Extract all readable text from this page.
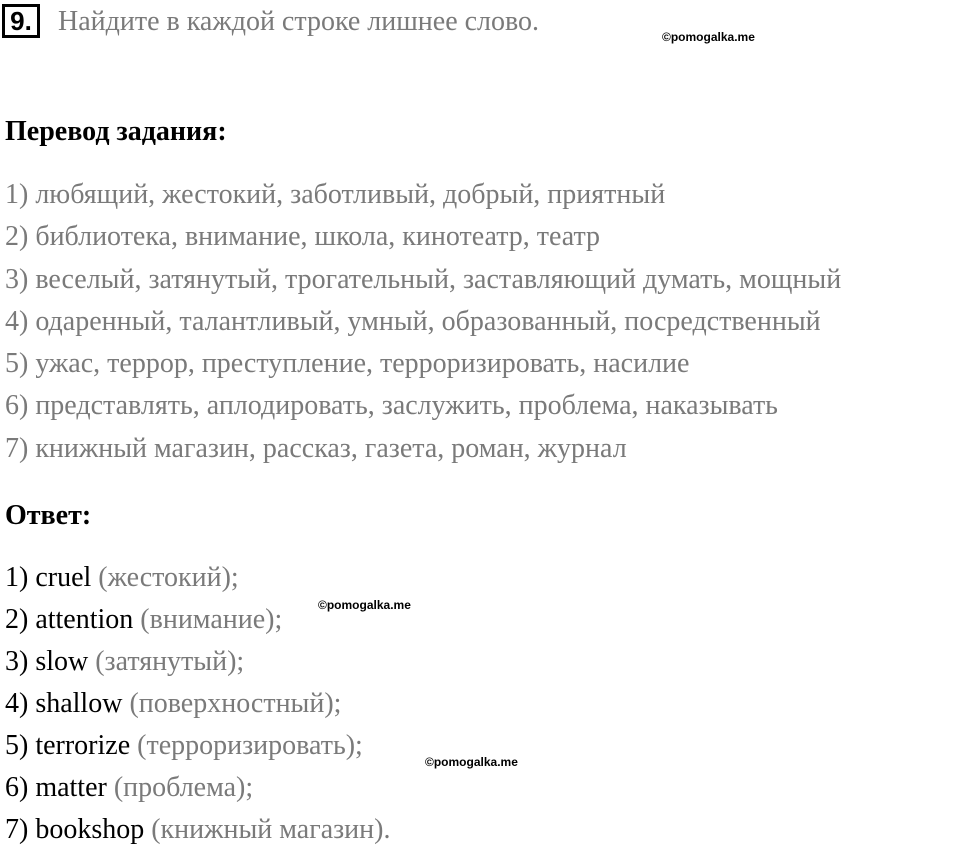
9. Найдите в каждой строке лишнее слово.	©pomogalka.me
©pomogalka.me
©pomogalka.me
Перевод задания:
1) любящий, жестокий, заботливый, добрый, приятный
2) библиотека, внимание, школа, кинотеатр, театр
3) веселый, затянутый, трогательный, заставляющий думать, мощный
4) одаренный, талантливый, умный, образованный, посредственный
5) ужас, террор, преступление, терроризировать, насилие
6) представлять, аплодировать, заслужить, проблема, наказывать
7) книжный магазин, рассказ, газета, роман, журнал
Ответ:
1) cruel (жестокий);
2) attention (внимание);
3) slow (затянутый);
4) shallow (поверхностный);
5) terrorize (терроризировать);
6) matter (проблема);
7) bookshop (книжный магазин).
